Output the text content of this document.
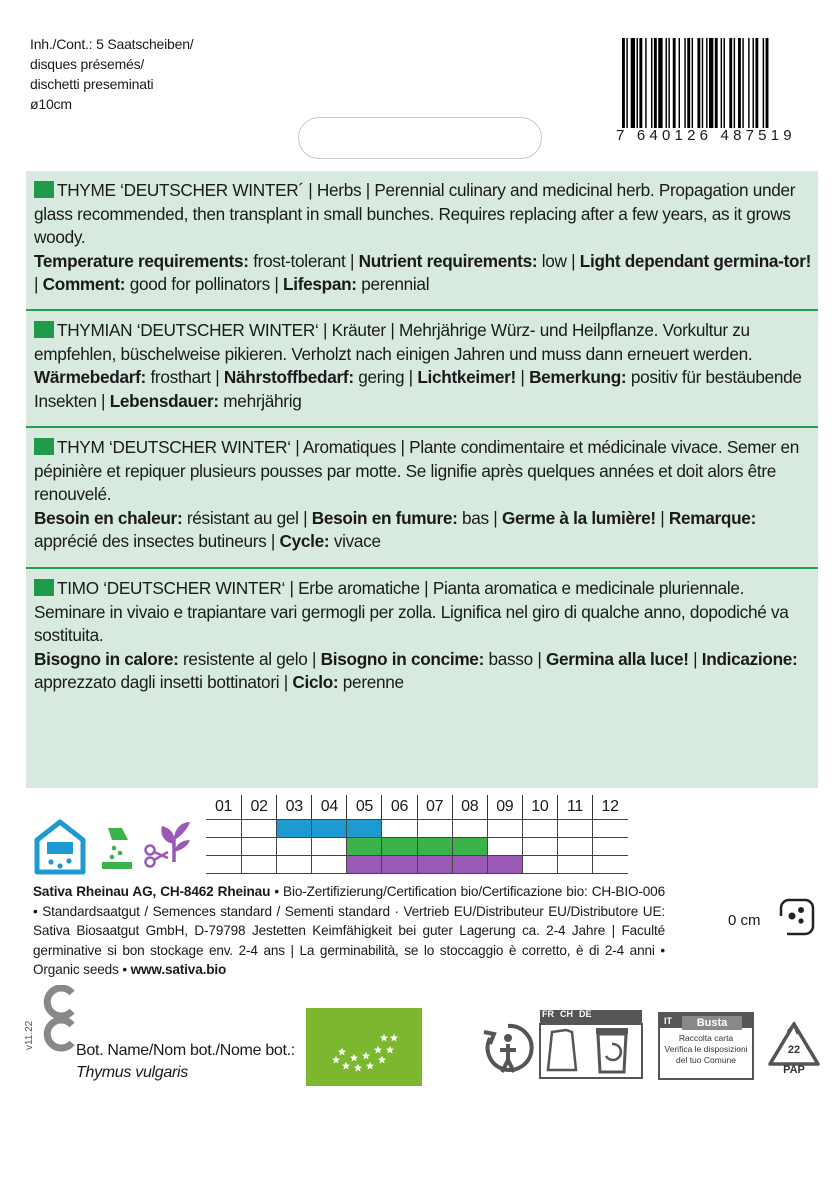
Inh./Cont.: 5 Saatscheiben/
disques présemés/
dischetti preseminati
ø10cm
7 640126 487519

THYME ‘DEUTSCHER WINTER´ | Herbs | Perennial culinary and medicinal herb. Propagation under glass recommended, then transplant in small bunches. Requires replacing after a few years, as it grows woody.

Temperature requirements: frost-tolerant | Nutrient requirements: low | Light dependant germina-tor! | Comment: good for pollinators | Lifespan: perennial

THYMIAN ‘DEUTSCHER WINTER‘ | Kräuter | Mehrjährige Würz- und Heilpflanze. Vorkultur zu empfehlen, büschelweise pikieren. Verholzt nach einigen Jahren und muss dann erneuert werden.

Wärmebedarf: frosthart | Nährstoffbedarf: gering | Lichtkeimer! | Bemerkung: positiv für bestäubende Insekten | Lebensdauer: mehrjährig

THYM ‘DEUTSCHER WINTER‘ | Aromatiques | Plante condimentaire et médicinale vivace. Semer en pépinière et repiquer plusieurs pousses par motte. Se lignifie après quelques années et doit alors être renouvelé.

Besoin en chaleur: résistant au gel | Besoin en fumure: bas | Germe à la lumière! | Remarque: apprécié des insectes butineurs | Cycle: vivace

TIMO ‘DEUTSCHER WINTER‘ | Erbe aromatiche | Pianta aromatica e medicinale pluriennale. Seminare in vivaio e trapiantare vari germogli per zolla. Lignifica nel giro di qualche anno, dopodiché va sostituita.

Bisogno in calore: resistente al gelo | Bisogno in concime: basso | Germina alla luce! | Indicazione: apprezzato dagli insetti bottinatori | Ciclo: perenne

01	02	03	04	05	06	07	08	09	10	11	12

Sativa Rheinau AG, CH-8462 Rheinau • Bio-Zertifizierung/Certification bio/Certificazione bio: CH-BIO-006 • Standardsaatgut / Semences standard / Sementi standard · Vertrieb EU/Distributeur EU/Distributore UE: Sativa Biosaatgut GmbH, D-79798 Jestetten Keimfähigkeit bei guter Lagerung ca. 2-4 Jahre | Faculté germinative si bon stockage env. 2-4 ans | La germinabilità, se lo stoccaggio è corretto, è di 2-4 anni • Organic seeds • www.sativa.bio

0 cm
v11.22
Bot. Name/Nom bot./Nome bot.:
Thymus vulgaris
FR CH DE
IT	Busta
Raccolta carta
Verifica le disposizioni
del tuo Comune
22
PAP
